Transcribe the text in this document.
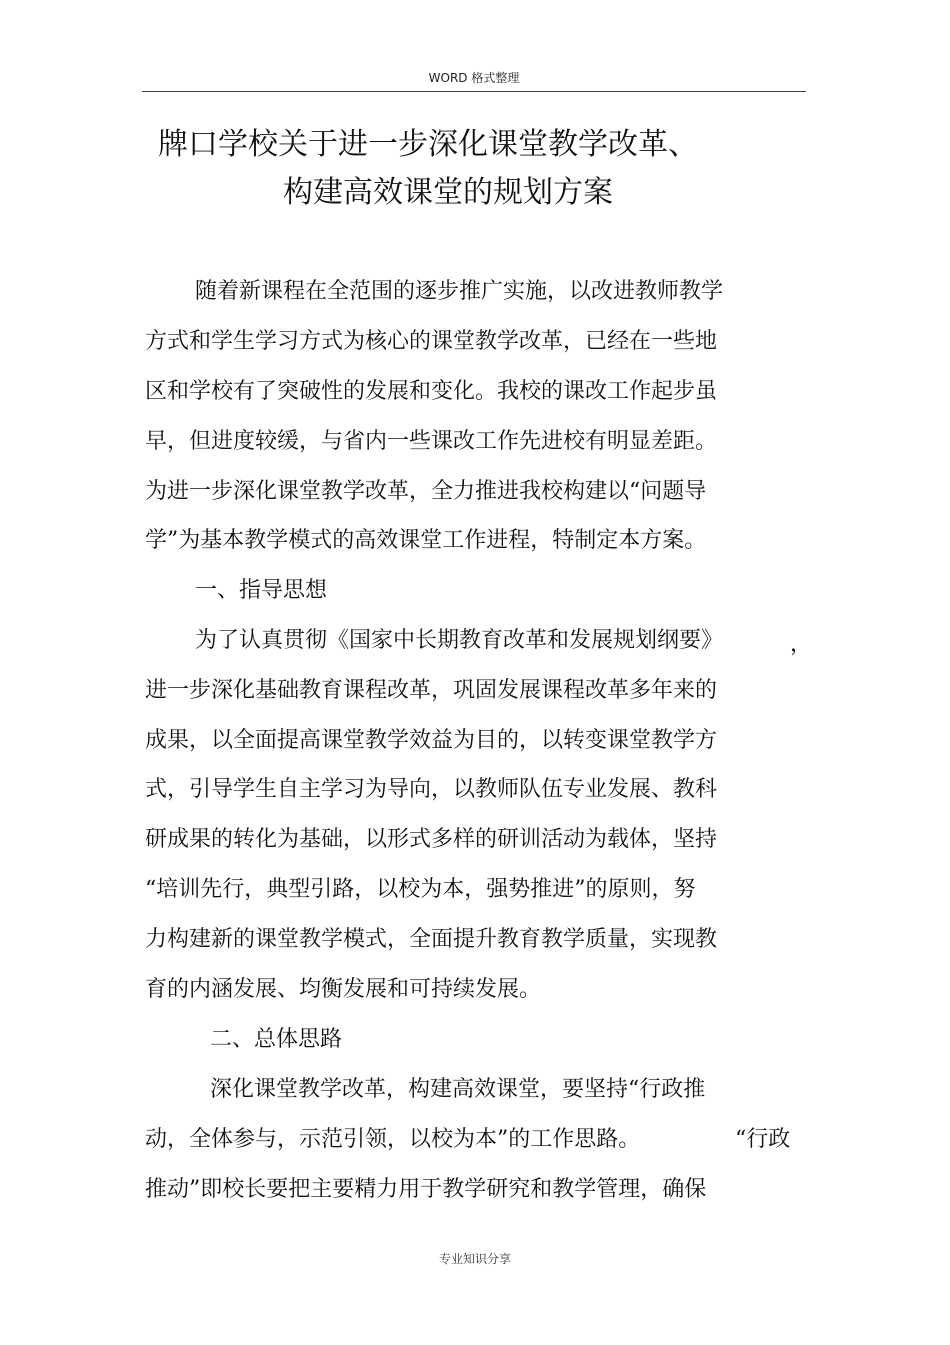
WORD 格式整理
牌口学校关于进一步深化课堂教学改革、
构建高效课堂的规划方案
随着新课程在全范围的逐步推广实施，以改进教师教学
方式和学生学习方式为核心的课堂教学改革，已经在一些地
区和学校有了突破性的发展和变化。我校的课改工作起步虽
早，但进度较缓，与省内一些课改工作先进校有明显差距。
为进一步深化课堂教学改革，全力推进我校构建以“问题导
学”为基本教学模式的高效课堂工作进程，特制定本方案。
一、指导思想
为了认真贯彻《国家中长期教育改革和发展规划纲要》	，
进一步深化基础教育课程改革，巩固发展课程改革多年来的
成果，以全面提高课堂教学效益为目的，以转变课堂教学方
式，引导学生自主学习为导向，以教师队伍专业发展、教科
研成果的转化为基础，以形式多样的研训活动为载体，坚持
“培训先行，典型引路，以校为本，强势推进”的原则，努
力构建新的课堂教学模式，全面提升教育教学质量，实现教
育的内涵发展、均衡发展和可持续发展。
二、总体思路
深化课堂教学改革，构建高效课堂，要坚持“行政推
动，全体参与，示范引领，以校为本”的工作思路。	“行政
推动”即校长要把主要精力用于教学研究和教学管理，确保
专业知识分享
